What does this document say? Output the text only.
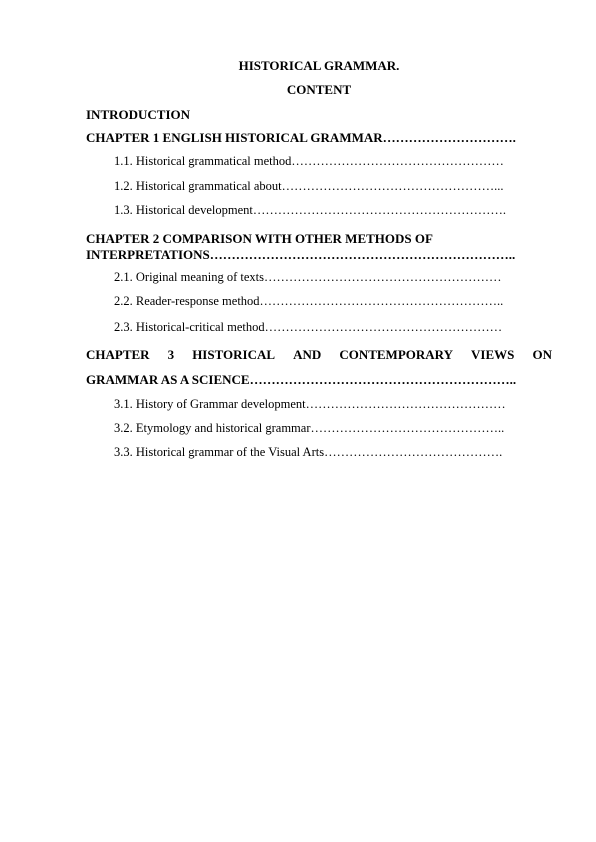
HISTORICAL GRAMMAR.
CONTENT
INTRODUCTION
CHAPTER 1 ENGLISH HISTORICAL GRAMMAR………………………….
1.1. Historical grammatical method……………………………………………
1.2. Historical grammatical about……………………………………………...
1.3. Historical development…………………………………………………….
CHAPTER 2 COMPARISON WITH OTHER METHODS OF
INTERPRETATIONS……………………………………………………………..
2.1. Original meaning of texts…………………………………………………
2.2. Reader-response method…………………………………………………..
2.3. Historical-critical method…………………………………………………
CHAPTER 3 HISTORICAL AND CONTEMPORARY VIEWS ON
GRAMMAR AS A SCIENCE……………………………………………………..
3.1. History of Grammar development…………………………………………
3.2. Etymology and historical grammar………………………………………..
3.3. Historical grammar of the Visual Arts…………………………………….
